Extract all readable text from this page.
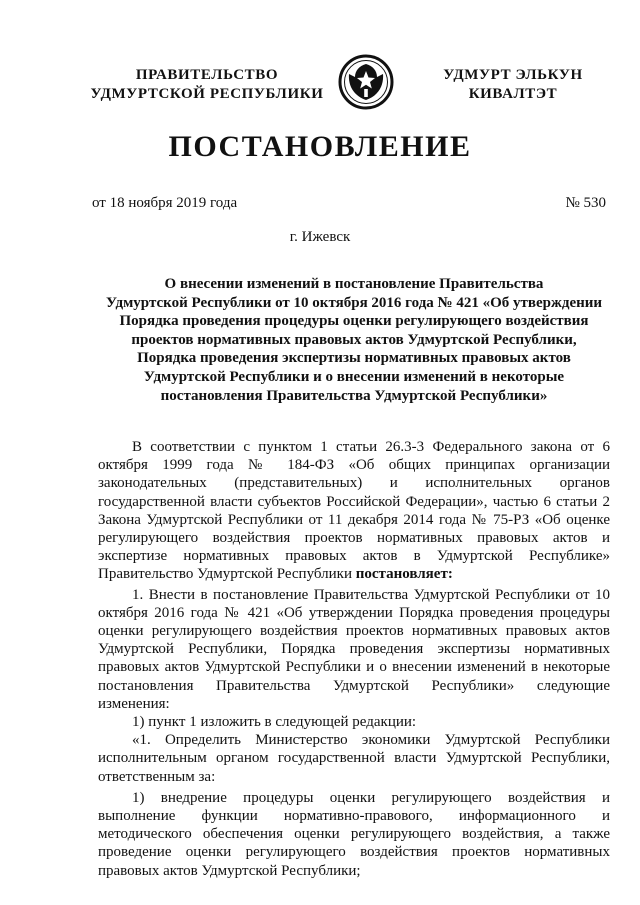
ПРАВИТЕЛЬСТВО
УДМУРТСКОЙ РЕСПУБЛИКИ
УДМУРТ ЭЛЬКУН
КИВАЛТЭТ
ПОСТАНОВЛЕНИЕ
от 18 ноября 2019 года	№ 530
г. Ижевск
О внесении изменений в постановление Правительства
Удмуртской Республики от 10 октября 2016 года № 421 «Об утверждении
Порядка проведения процедуры оценки регулирующего воздействия
проектов нормативных правовых актов Удмуртской Республики,
Порядка проведения экспертизы нормативных правовых актов
Удмуртской Республики и о внесении изменений в некоторые
постановления Правительства Удмуртской Республики»

В соответствии с пунктом 1 статьи 26.3-3 Федерального закона от 6 октября 1999 года № 184-ФЗ «Об общих принципах организации законодательных (представительных) и исполнительных органов государственной власти субъектов Российской Федерации», частью 6 статьи 2 Закона Удмуртской Республики от 11 декабря 2014 года № 75-РЗ «Об оценке регулирующего воздействия проектов нормативных правовых актов и экспертизе нормативных правовых актов в Удмуртской Республике» Правительство Удмуртской Республики постановляет:

1. Внести в постановление Правительства Удмуртской Республики от 10 октября 2016 года № 421 «Об утверждении Порядка проведения процедуры оценки регулирующего воздействия проектов нормативных правовых актов Удмуртской Республики, Порядка проведения экспертизы нормативных правовых актов Удмуртской Республики и о внесении изменений в некоторые постановления Правительства Удмуртской Республики» следующие изменения:

1) пункт 1 изложить в следующей редакции:

«1. Определить Министерство экономики Удмуртской Республики исполнительным органом государственной власти Удмуртской Республики, ответственным за:

1) внедрение процедуры оценки регулирующего воздействия и выполнение функции нормативно-правового, информационного и методического обеспечения оценки регулирующего воздействия, а также проведение оценки регулирующего воздействия проектов нормативных правовых актов Удмуртской Республики;
